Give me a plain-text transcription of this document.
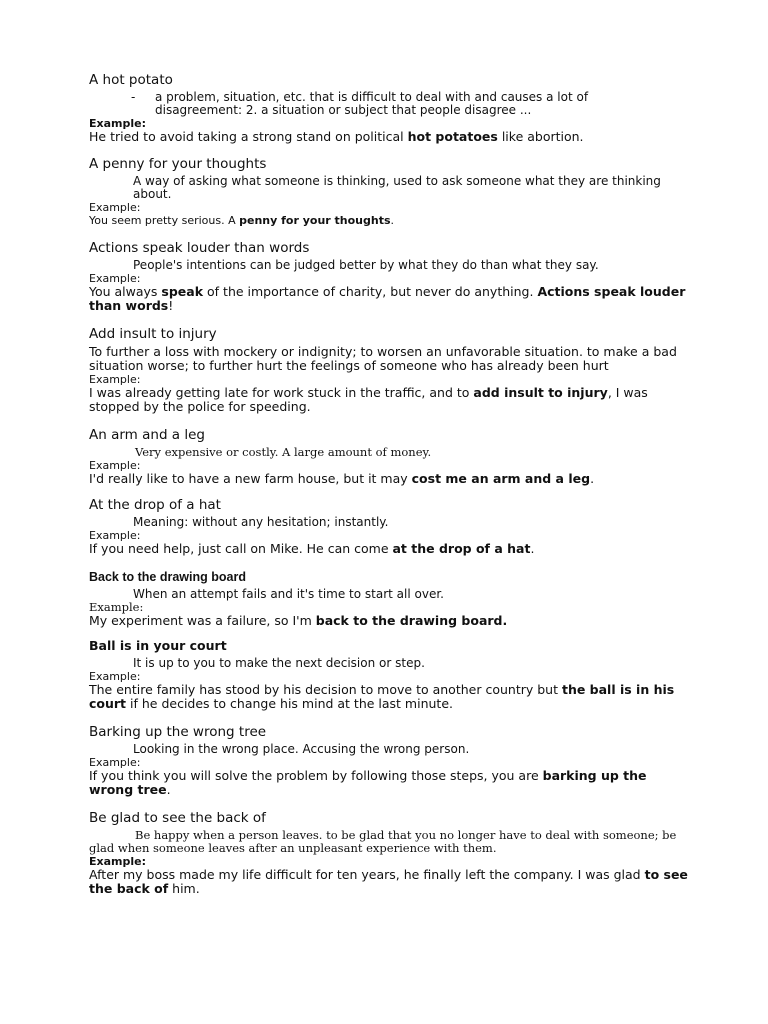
A hot potato

- a problem, situation, etc. that is difficult to deal with and causes a lot of
disagreement: 2. a situation or subject that people disagree ...

Example:

He tried to avoid taking a strong stand on political hot potatoes like abortion.

A penny for your thoughts

A way of asking what someone is thinking, used to ask someone what they are thinking about.

Example:

You seem pretty serious. A penny for your thoughts.

Actions speak louder than words

People's intentions can be judged better by what they do than what they say.

Example:

You always speak of the importance of charity, but never do anything. Actions speak louder than words!

Add insult to injury

To further a loss with mockery or indignity; to worsen an unfavorable situation. to make a bad situation worse; to further hurt the feelings of someone who has already been hurt

Example:

I was already getting late for work stuck in the traffic, and to add insult to injury, I was stopped by the police for speeding.

An arm and a leg

Very expensive or costly. A large amount of money.

Example:

I'd really like to have a new farm house, but it may cost me an arm and a leg.

At the drop of a hat

Meaning: without any hesitation; instantly.

Example:

If you need help, just call on Mike. He can come at the drop of a hat.

Back to the drawing board

When an attempt fails and it's time to start all over.

Example:

My experiment was a failure, so I'm back to the drawing board.

Ball is in your court

It is up to you to make the next decision or step.

Example:

The entire family has stood by his decision to move to another country but the ball is in his court if he decides to change his mind at the last minute.

Barking up the wrong tree

Looking in the wrong place. Accusing the wrong person.

Example:

If you think you will solve the problem by following those steps, you are barking up the wrong tree.

Be glad to see the back of

Be happy when a person leaves. to be glad that you no longer have to deal with someone; be glad when someone leaves after an unpleasant experience with them.

Example:

After my boss made my life difficult for ten years, he finally left the company. I was glad to see the back of him.
